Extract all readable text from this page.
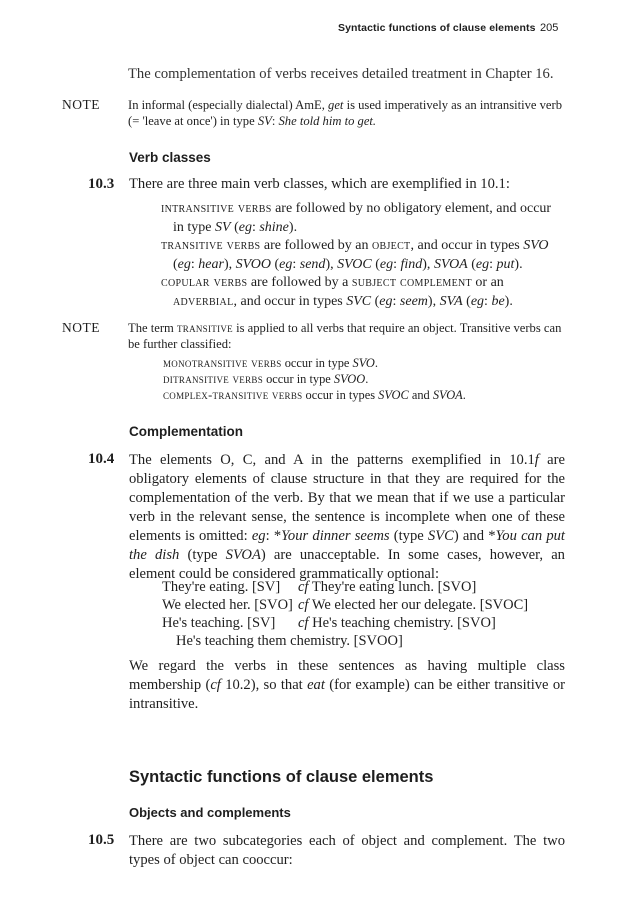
Syntactic functions of clause elements 205
The complementation of verbs receives detailed treatment in Chapter 16.
NOTE In informal (especially dialectal) AmE, get is used imperatively as an intransitive verb
(= 'leave at once') in type SV: She told him to get.
Verb classes
10.3 There are three main verb classes, which are exemplified in 10.1:
intransitive verbs are followed by no obligatory element, and occur in type SV (eg: shine).
transitive verbs are followed by an object, and occur in types SVO (eg: hear), SVOO (eg: send), SVOC (eg: find), SVOA (eg: put).
copular verbs are followed by a subject complement or an adverbial, and occur in types SVC (eg: seem), SVA (eg: be).
NOTE The term transitive is applied to all verbs that require an object. Transitive verbs can be further classified:
monotransitive verbs occur in type SVO.
ditransitive verbs occur in type SVOO.
complex-transitive verbs occur in types SVOC and SVOA.
Complementation
10.4 The elements O, C, and A in the patterns exemplified in 10.1f are obligatory elements of clause structure in that they are required for the complementation of the verb. By that we mean that if we use a particular verb in the relevant sense, the sentence is incomplete when one of these elements is omitted: eg: *Your dinner seems (type SVC) and *You can put the dish (type SVOA) are unacceptable. In some cases, however, an element could be considered grammatically optional:
They're eating. [SV] cf They're eating lunch. [SVO]
We elected her. [SVO] cf We elected her our delegate. [SVOC]
He's teaching. [SV] cf He's teaching chemistry. [SVO]
He's teaching them chemistry. [SVOO]
We regard the verbs in these sentences as having multiple class membership (cf 10.2), so that eat (for example) can be either transitive or intransitive.
Syntactic functions of clause elements
Objects and complements
10.5 There are two subcategories each of object and complement. The two types of object can cooccur:
